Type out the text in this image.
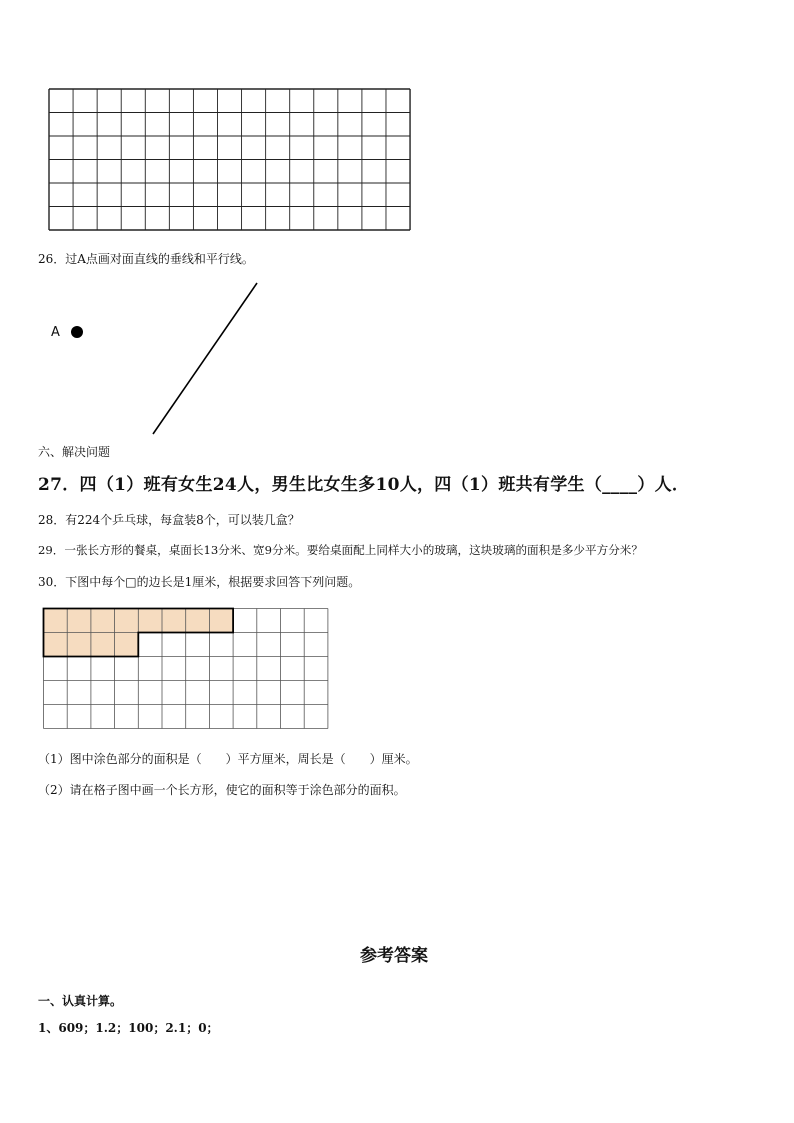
26．过A点画对面直线的垂线和平行线。
A
六、解决问题
27．四（1）班有女生24人，男生比女生多10人，四（1）班共有学生（____）人．
28．有224个乒乓球，每盒装8个，可以装几盒？
29．一张长方形的餐桌，桌面长13分米、宽9分米。要给桌面配上同样大小的玻璃，这块玻璃的面积是多少平方分米？
30．下图中每个□的边长是1厘米，根据要求回答下列问题。
（1）图中涂色部分的面积是（　　）平方厘米，周长是（　　）厘米。
（2）请在格子图中画一个长方形，使它的面积等于涂色部分的面积。
参考答案
一、认真计算。
1、609；1.2；100；2.1；0；
